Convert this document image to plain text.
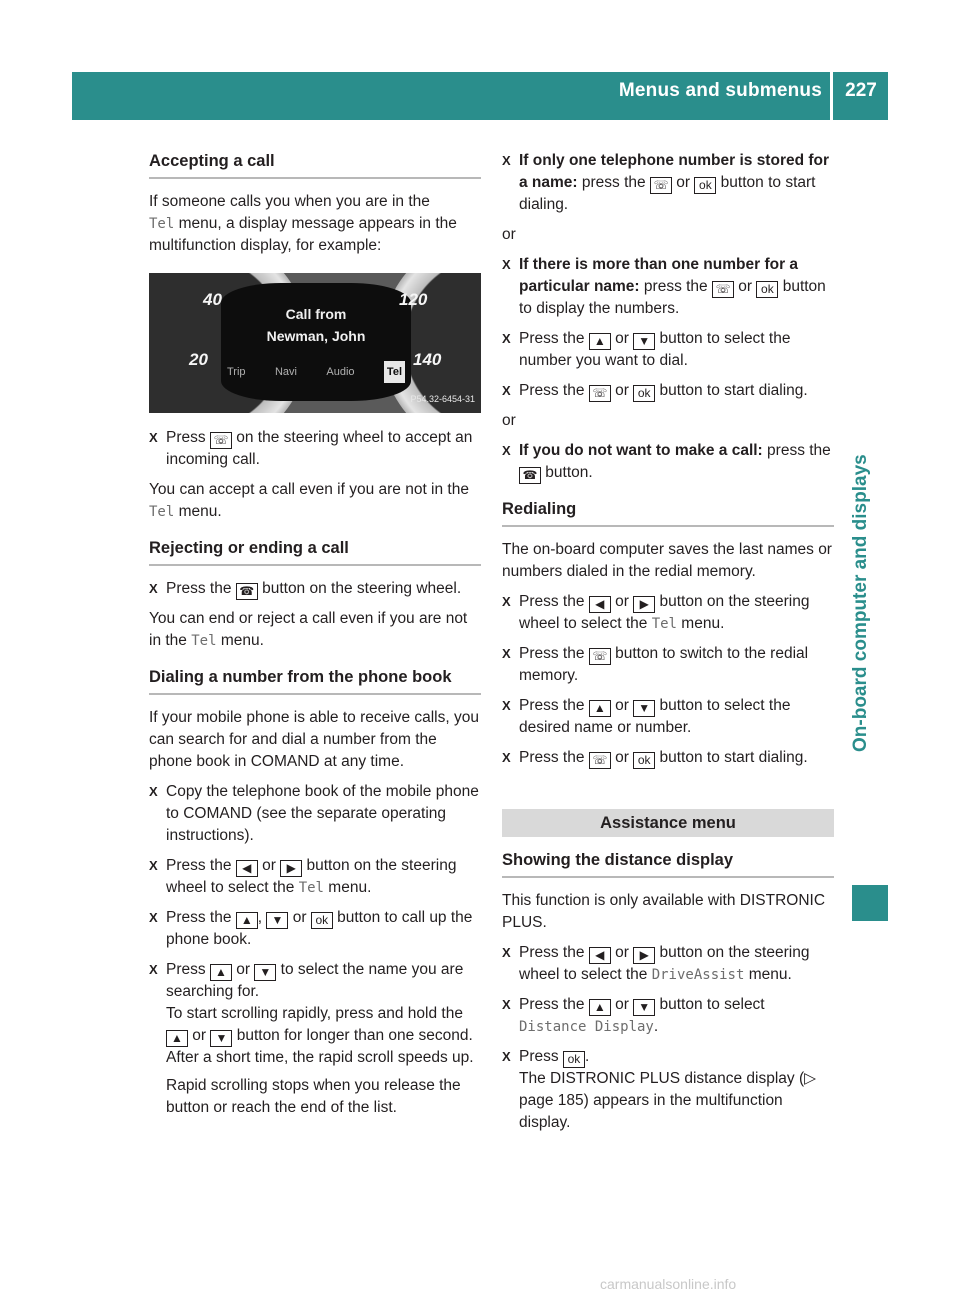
Menus and submenus	227
On-board computer and displays
Accepting a call

If someone calls you when you are in the
Tel menu, a display message appears in the multifunction display, for example:

40
20
120
140
Call from
Newman, John
Trip	Navi	Audio	Tel
P54.32-6454-31
X Press ☏ on the steering wheel to accept an incoming call.

You can accept a call even if you are not in the Tel menu.

Rejecting or ending a call
X Press the ☎ button on the steering wheel.

You can end or reject a call even if you are not in the Tel menu.

Dialing a number from the phone book

If your mobile phone is able to receive calls, you can search for and dial a number from the phone book in COMAND at any time.

X Copy the telephone book of the mobile phone to COMAND (see the separate operating instructions).
X Press the ◀ or ▶ button on the steering wheel to select the Tel menu.
X Press the ▲ , ▼ or ok button to call up the phone book.
X Press ▲ or ▼ to select the name you are searching for.
To start scrolling rapidly, press and hold the ▲ or ▼ button for longer than one second. After a short time, the rapid scroll speeds up.
Rapid scrolling stops when you release the button or reach the end of the list.
X If only one telephone number is stored for a name: press the ☏ or ok button to start dialing.

or

X If there is more than one number for a particular name: press the ☏ or ok button to display the numbers.
X Press the ▲ or ▼ button to select the number you want to dial.
X Press the ☏ or ok button to start dialing.

or

X If you do not want to make a call: press the ☎ button.
Redialing

The on-board computer saves the last names or numbers dialed in the redial memory.

X Press the ◀ or ▶ button on the steering wheel to select the Tel menu.
X Press the ☏ button to switch to the redial memory.
X Press the ▲ or ▼ button to select the desired name or number.
X Press the ☏ or ok button to start dialing.
Assistance menu
Showing the distance display

This function is only available with DISTRONIC PLUS.

X Press the ◀ or ▶ button on the steering wheel to select the DriveAssist menu.
X Press the ▲ or ▼ button to select Distance Display.
X Press ok .
The DISTRONIC PLUS distance display (▷ page 185) appears in the multifunction display.
carmanualsonline.info
